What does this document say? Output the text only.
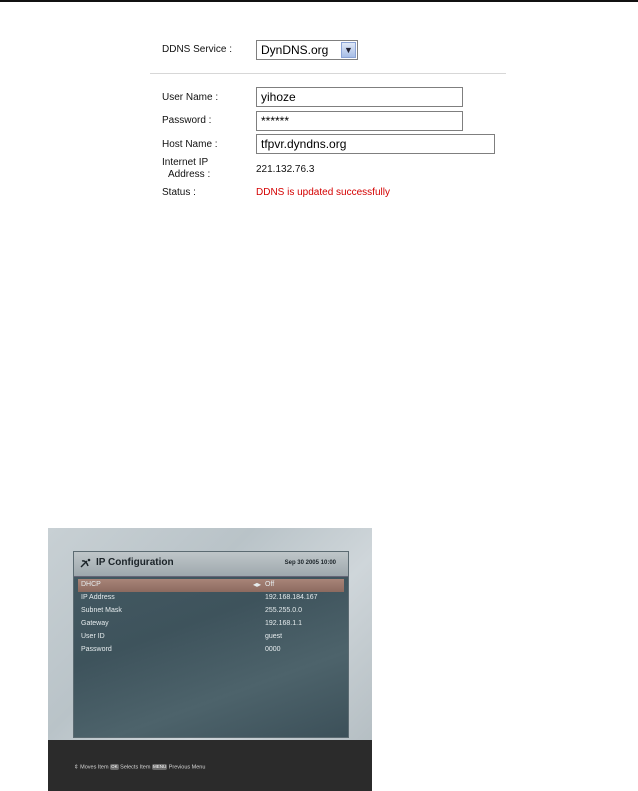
DDNS Service :	DynDNS.org	▼
User Name :	yihoze
Password :	******
Host Name :	tfpvr.dyndns.org
Internet IP
Address :	221.132.76.3
Status :	DDNS is updated successfully
IP Configuration	Sep 30 2005 10:00
DHCP	◂▸ Off
IP Address	192.168.184.167
Subnet Mask	255.255.0.0
Gateway	192.168.1.1
User ID	guest
Password	0000
⇕ Moves Item OK Selects Item MENU Previous Menu
